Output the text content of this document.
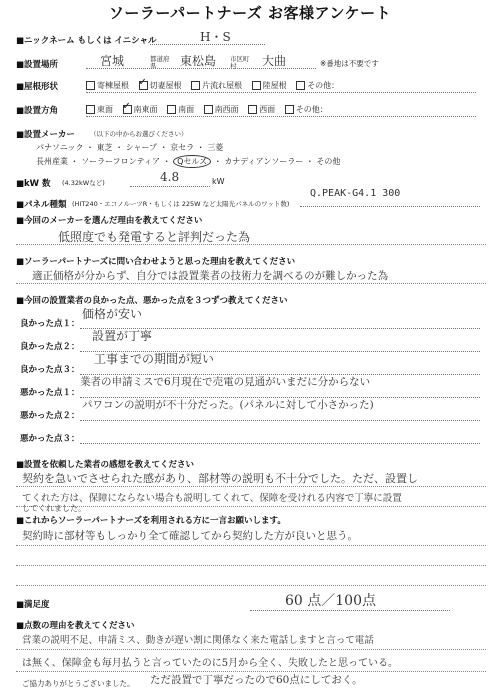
ソーラーパートナーズ お客様アンケート
■ニックネーム もしくは イニシャル	H・S
■設置場所	宮城	都道府県	東松島 市区町村	大曲	※番地は不要です
■屋根形状	寄棟屋根 ✓	切妻屋根	片流れ屋根	陸屋根	その他：
■設置方角	東面 ✓	南東面	南面	南西面	西面	その他：
■設置メーカー （以下の中からお選びください）
パナソニック ・ 東芝 ・ シャープ ・ 京セラ ・ 三菱
長州産業 ・ ソーラーフロンティア ・ Qセルズ ・ カナディアンソーラー ・ その他
■kW 数 (4.32kWなど)	4.8	kW
■パネル種類 (HIT240・エコノルーツR・もしくは 225W など太陽光パネルのワット数)
Q.PEAK-G4.1 300
■今回のメーカーを選んだ理由を教えてください
低照度でも発電すると評判だった為
■ソーラーパートナーズに問い合わせようと思った理由を教えてください
適正価格が分からず、自分では設置業者の技術力を調べるのが難しかった為
■今回の設置業者の良かった点、悪かった点を３つずつ教えてください
良かった点１：
価格が安い
良かった点２：
設置が丁寧
良かった点３：
工事までの期間が短い
悪かった点１：
業者の申請ミスで6月現在で売電の見通がいまだに分からない
悪かった点２：
パワコンの説明が不十分だった。(パネルに対して小さかった)
悪かった点３：
■設置を依頼した業者の感想を教えてください
契約を急いでさせられた感があり、部材等の説明も不十分でした。ただ、設置し
てくれた方は、保障にならない場合も説明してくれて、保障を受けれる内容で丁寧に設置
してくれました。
■これからソーラーパートナーズを利用される方に一言お願いします。
契約時に部材等もしっかり全て確認してから契約した方が良いと思う。
■満足度	60 点／100点
■点数の理由を教えてください
営業の説明不足、申請ミス、動きが遅い割に関係なく来た電話しますと言って電話
は無く、保障金も毎月払うと言っていたのに5月から全く、失敗したと思っている。
ご協力ありがとうございました。 ただ設置で丁寧だったので60点にしておく。
